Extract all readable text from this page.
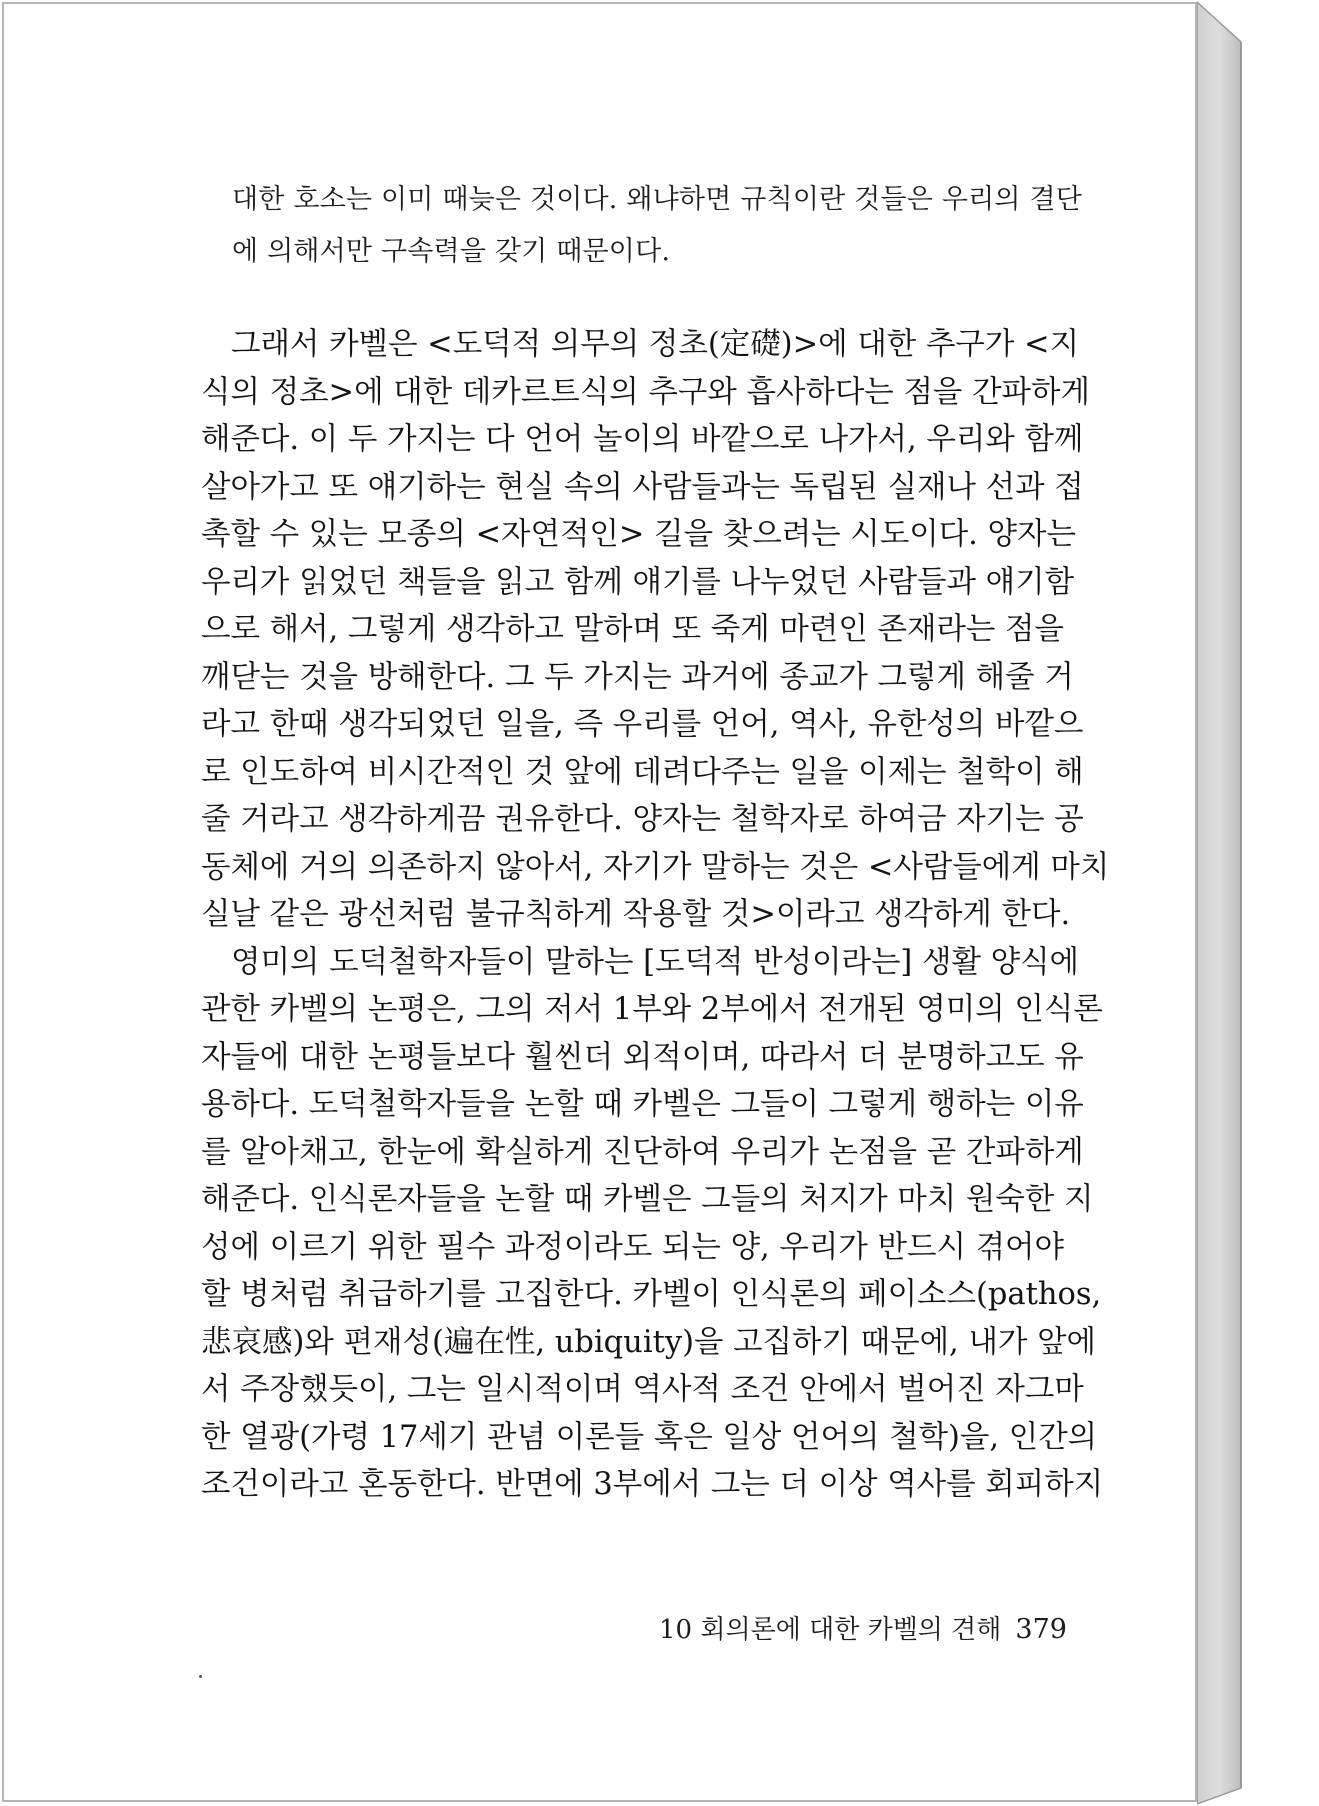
대한 호소는 이미 때늦은 것이다. 왜냐하면 규칙이란 것들은 우리의 결단
에 의해서만 구속력을 갖기 때문이다.
그래서 카벨은 <도덕적 의무의 정초(定礎)>에 대한 추구가 <지
식의 정초>에 대한 데카르트식의 추구와 흡사하다는 점을 간파하게
해준다. 이 두 가지는 다 언어 놀이의 바깥으로 나가서, 우리와 함께
살아가고 또 얘기하는 현실 속의 사람들과는 독립된 실재나 선과 접
촉할 수 있는 모종의 <자연적인> 길을 찾으려는 시도이다. 양자는
우리가 읽었던 책들을 읽고 함께 얘기를 나누었던 사람들과 얘기함
으로 해서, 그렇게 생각하고 말하며 또 죽게 마련인 존재라는 점을
깨닫는 것을 방해한다. 그 두 가지는 과거에 종교가 그렇게 해줄 거
라고 한때 생각되었던 일을, 즉 우리를 언어, 역사, 유한성의 바깥으
로 인도하여 비시간적인 것 앞에 데려다주는 일을 이제는 철학이 해
줄 거라고 생각하게끔 권유한다. 양자는 철학자로 하여금 자기는 공
동체에 거의 의존하지 않아서, 자기가 말하는 것은 <사람들에게 마치
실날 같은 광선처럼 불규칙하게 작용할 것>이라고 생각하게 한다.
영미의 도덕철학자들이 말하는 [도덕적 반성이라는] 생활 양식에
관한 카벨의 논평은, 그의 저서 1부와 2부에서 전개된 영미의 인식론
자들에 대한 논평들보다 훨씬더 외적이며, 따라서 더 분명하고도 유
용하다. 도덕철학자들을 논할 때 카벨은 그들이 그렇게 행하는 이유
를 알아채고, 한눈에 확실하게 진단하여 우리가 논점을 곧 간파하게
해준다. 인식론자들을 논할 때 카벨은 그들의 처지가 마치 원숙한 지
성에 이르기 위한 필수 과정이라도 되는 양, 우리가 반드시 겪어야
할 병처럼 취급하기를 고집한다. 카벨이 인식론의 페이소스(pathos,
悲哀感)와 편재성(遍在性, ubiquity)을 고집하기 때문에, 내가 앞에
서 주장했듯이, 그는 일시적이며 역사적 조건 안에서 벌어진 자그마
한 열광(가령 17세기 관념 이론들 혹은 일상 언어의 철학)을, 인간의
조건이라고 혼동한다. 반면에 3부에서 그는 더 이상 역사를 회피하지
10 회의론에 대한 카벨의 견해 379
